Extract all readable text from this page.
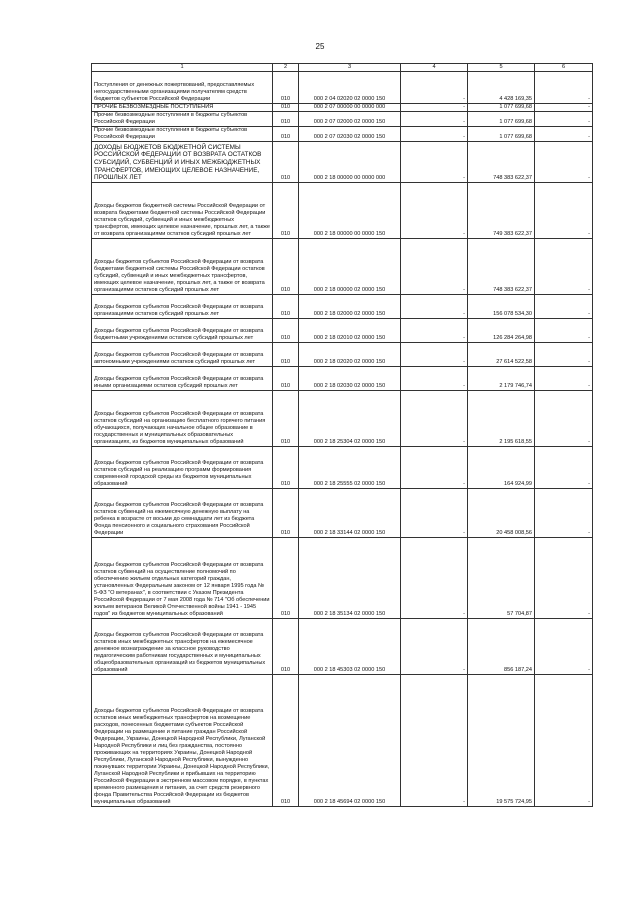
25
1	2	3	4	5	6
Поступления от денежных пожертвований, предоставляемых негосударственными организациями получателям средств бюджетов субъектов Российской Федерации	010	000 2 04 02020 02 0000 150	-	4 428 169,35	-
ПРОЧИЕ БЕЗВОЗМЕЗДНЫЕ ПОСТУПЛЕНИЯ	010	000 2 07 00000 00 0000 000	-	1 077 699,68	-
Прочие безвозмездные поступления в бюджеты субъектов Российской Федерации	010	000 2 07 02000 02 0000 150	-	1 077 699,68	-
Прочие безвозмездные поступления в бюджеты субъектов Российской Федерации	010	000 2 07 02030 02 0000 150	-	1 077 699,68	-
ДОХОДЫ БЮДЖЕТОВ БЮДЖЕТНОЙ СИСТЕМЫ РОССИЙСКОЙ ФЕДЕРАЦИИ ОТ ВОЗВРАТА ОСТАТКОВ СУБСИДИЙ, СУБВЕНЦИЙ И ИНЫХ МЕЖБЮДЖЕТНЫХ ТРАНСФЕРТОВ, ИМЕЮЩИХ ЦЕЛЕВОЕ НАЗНАЧЕНИЕ, ПРОШЛЫХ ЛЕТ	010	000 2 18 00000 00 0000 000	-	748 383 622,37	-
Доходы бюджетов бюджетной системы Российской Федерации от возврата бюджетами бюджетной системы Российской Федерации остатков субсидий, субвенций и иных межбюджетных трансфертов, имеющих целевое назначение, прошлых лет, а также от возврата организациями остатков субсидий прошлых лет	010	000 2 18 00000 00 0000 150	-	749 383 622,37	-
Доходы бюджетов субъектов Российской Федерации от возврата бюджетами бюджетной системы Российской Федерации остатков субсидий, субвенций и иных межбюджетных трансфертов, имеющих целевое назначение, прошлых лет, а также от возврата организациями остатков субсидий прошлых лет	010	000 2 18 00000 02 0000 150	-	748 383 622,37	-
Доходы бюджетов субъектов Российской Федерации от возврата организациями остатков субсидий прошлых лет	010	000 2 18 02000 02 0000 150	-	156 078 534,30	-
Доходы бюджетов субъектов Российской Федерации от возврата бюджетными учреждениями остатков субсидий прошлых лет	010	000 2 18 02010 02 0000 150	-	126 284 264,98	-
Доходы бюджетов субъектов Российской Федерации от возврата автономными учреждениями остатков субсидий прошлых лет	010	000 2 18 02020 02 0000 150	-	27 614 522,58	-
Доходы бюджетов субъектов Российской Федерации от возврата иными организациями остатков субсидий прошлых лет	010	000 2 18 02030 02 0000 150	-	2 179 746,74	-
Доходы бюджетов субъектов Российской Федерации от возврата остатков субсидий на организацию бесплатного горячего питания обучающихся, получающих начальное общее образование в государственных и муниципальных образовательных организациях, из бюджетов муниципальных образований	010	000 2 18 25304 02 0000 150	-	2 195 618,55	-
Доходы бюджетов субъектов Российской Федерации от возврата остатков субсидий на реализацию программ формирования современной городской среды из бюджетов муниципальных образований	010	000 2 18 25555 02 0000 150	-	164 924,99	-
Доходы бюджетов субъектов Российской Федерации от возврата остатков субвенций на ежемесячную денежную выплату на ребенка в возрасте от восьми до семнадцати лет из бюджета Фонда пенсионного и социального страхования Российской Федерации	010	000 2 18 33144 02 0000 150	-	20 458 008,56	-
Доходы бюджетов субъектов Российской Федерации от возврата остатков субвенций на осуществление полномочий по обеспечению жильем отдельных категорий граждан, установленных Федеральным законом от 12 января 1995 года № 5-ФЗ "О ветеранах", в соответствии с Указом Президента Российской Федерации от 7 мая 2008 года № 714 "Об обеспечении жильем ветеранов Великой Отечественной войны 1941 - 1945 годов" из бюджетов муниципальных образований	010	000 2 18 35134 02 0000 150	-	57 704,87	-
Доходы бюджетов субъектов Российской Федерации от возврата остатков иных межбюджетных трансфертов на ежемесячное денежное вознаграждение за классное руководство педагогическим работникам государственных и муниципальных общеобразовательных организаций из бюджетов муниципальных образований	010	000 2 18 45303 02 0000 150	-	856 187,24	-
Доходы бюджетов субъектов Российской Федерации от возврата остатков иных межбюджетных трансфертов на возмещение расходов, понесенных бюджетами субъектов Российской Федерации на размещение и питание граждан Российской Федерации, Украины, Донецкой Народной Республики, Луганской Народной Республики и лиц без гражданства, постоянно проживающих на территориях Украины, Донецкой Народной Республики, Луганской Народной Республики, вынужденно покинувших территории Украины, Донецкой Народной Республики, Луганской Народной Республики и прибывших на территорию Российской Федерации в экстренном массовом порядке, в пунктах временного размещения и питания, за счет средств резервного фонда Правительства Российской Федерации из бюджетов муниципальных образований	010	000 2 18 45694 02 0000 150	-	19 575 724,95	-
